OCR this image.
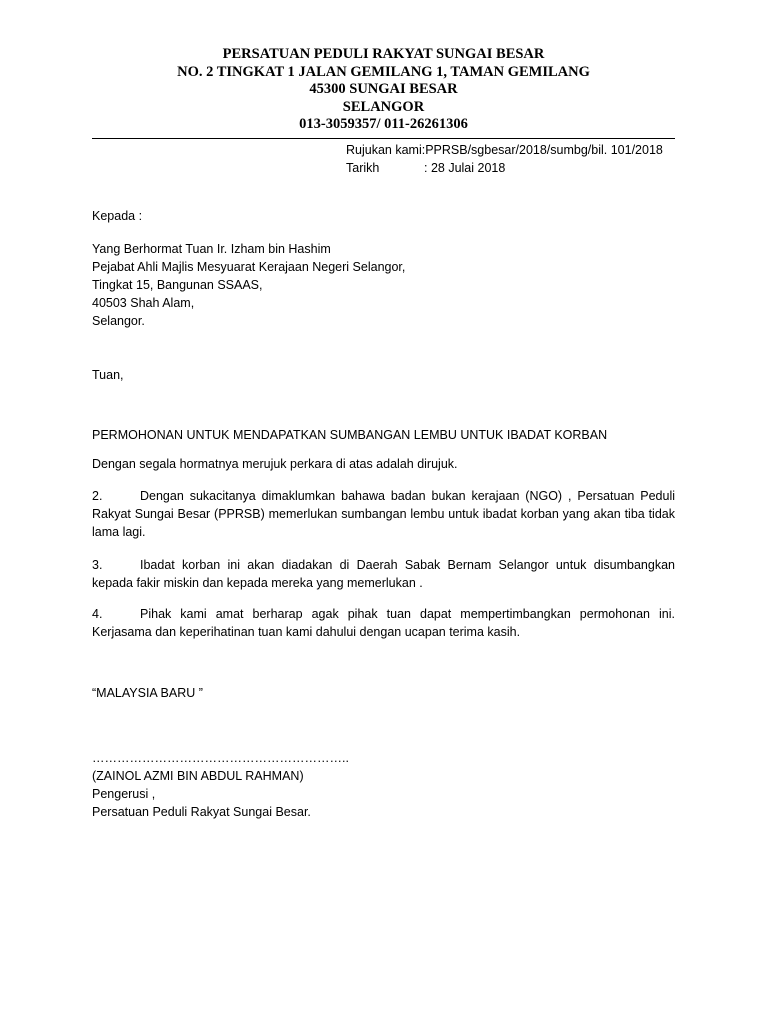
PERSATUAN PEDULI RAKYAT SUNGAI BESAR
NO. 2 TINGKAT 1 JALAN GEMILANG 1, TAMAN GEMILANG
45300 SUNGAI BESAR
SELANGOR
013-3059357/ 011-26261306
Rujukan kami:PPRSB/sgbesar/2018/sumbg/bil. 101/2018
Tarikh	: 28 Julai 2018
Kepada :
Yang Berhormat Tuan Ir. Izham bin Hashim
Pejabat Ahli Majlis Mesyuarat Kerajaan Negeri Selangor,
Tingkat 15, Bangunan SSAAS,
40503 Shah Alam,
Selangor.
Tuan,
PERMOHONAN UNTUK MENDAPATKAN SUMBANGAN LEMBU UNTUK IBADAT KORBAN
Dengan segala hormatnya merujuk perkara di atas adalah dirujuk.
2.	Dengan sukacitanya dimaklumkan bahawa badan bukan kerajaan (NGO) , Persatuan Peduli Rakyat Sungai Besar (PPRSB) memerlukan sumbangan lembu untuk ibadat korban yang akan tiba tidak lama lagi.
3.	Ibadat korban ini akan diadakan di Daerah Sabak Bernam Selangor untuk disumbangkan kepada fakir miskin dan kepada mereka yang memerlukan .
4.	Pihak kami amat berharap agak pihak tuan dapat mempertimbangkan permohonan ini. Kerjasama dan keperihatinan tuan kami dahului dengan ucapan terima kasih.
“MALAYSIA BARU ”
……………………………………………………..
(ZAINOL AZMI BIN ABDUL RAHMAN)
Pengerusi ,
Persatuan Peduli Rakyat Sungai Besar.
